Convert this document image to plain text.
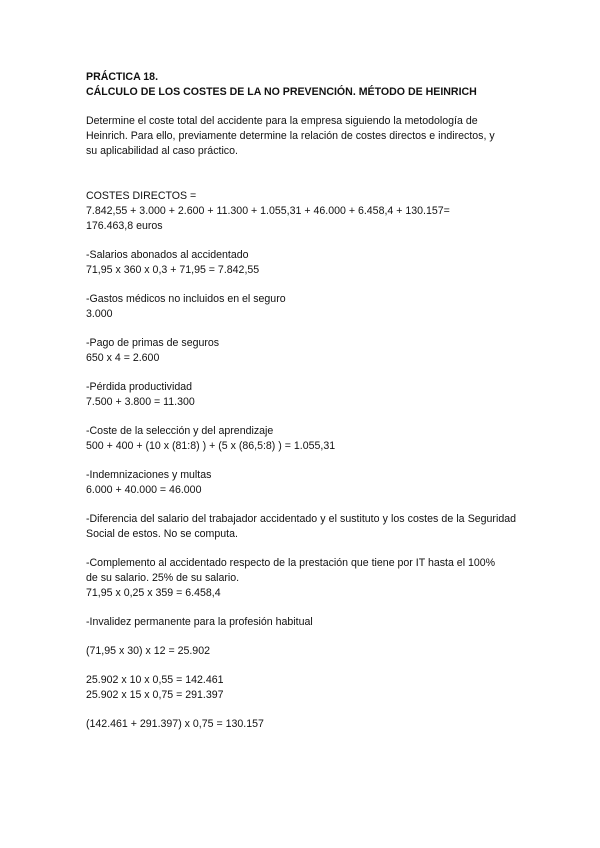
PRÁCTICA 18.
CÁLCULO DE LOS COSTES DE LA NO PREVENCIÓN. MÉTODO DE HEINRICH
Determine el coste total del accidente para la empresa siguiendo la metodología de
Heinrich. Para ello, previamente determine la relación de costes directos e indirectos, y
su aplicabilidad al caso práctico.
COSTES DIRECTOS =
7.842,55 + 3.000 + 2.600 + 11.300 + 1.055,31 + 46.000 + 6.458,4 + 130.157=
176.463,8 euros
-Salarios abonados al accidentado
71,95 x 360 x 0,3 + 71,95 = 7.842,55
-Gastos médicos no incluidos en el seguro
3.000
-Pago de primas de seguros
650 x 4 = 2.600
-Pérdida productividad
7.500 + 3.800 = 11.300
-Coste de la selección y del aprendizaje
500 + 400 + (10 x (81:8) ) + (5 x (86,5:8) ) = 1.055,31
-Indemnizaciones y multas
6.000 + 40.000 = 46.000
-Diferencia del salario del trabajador accidentado y el sustituto y los costes de la Seguridad Social de estos. No se computa.
-Complemento al accidentado respecto de la prestación que tiene por IT hasta el 100%
de su salario. 25% de su salario.
71,95 x 0,25 x 359 = 6.458,4
-Invalidez permanente para la profesión habitual
(71,95 x 30) x 12 = 25.902
25.902 x 10 x 0,55 = 142.461
25.902 x 15 x 0,75 = 291.397
(142.461 + 291.397) x 0,75 = 130.157
